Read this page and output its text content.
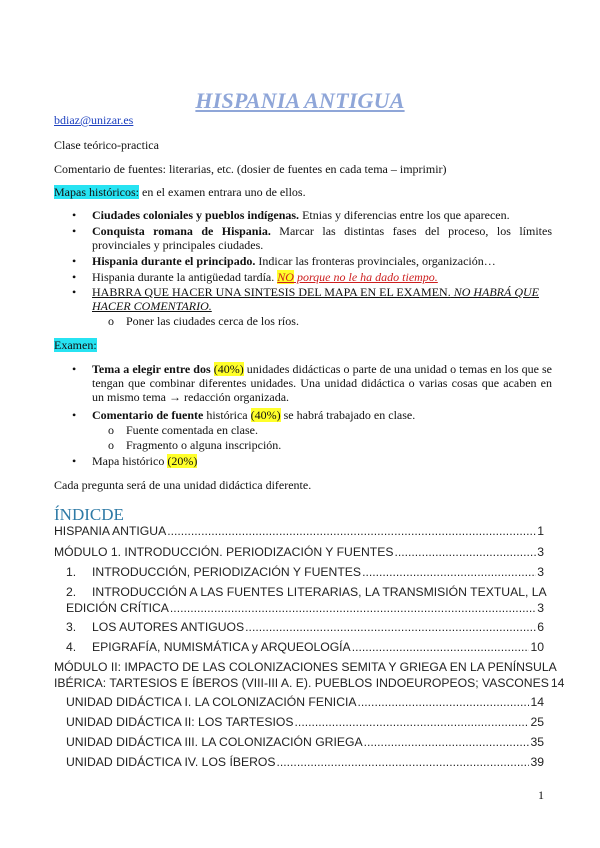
HISPANIA ANTIGUA
bdiaz@unizar.es
Clase teórico-practica
Comentario de fuentes: literarias, etc. (dosier de fuentes en cada tema – imprimir)
Mapas históricos: en el examen entrara uno de ellos.
•	Ciudades coloniales y pueblos indígenas. Etnias y diferencias entre los que aparecen.
•	Conquista romana de Hispania. Marcar las distintas fases del proceso, los límites provinciales y principales ciudades.
•	Hispania durante el principado. Indicar las fronteras provinciales, organización…
•	Hispania durante la antigüedad tardía. NO porque no le ha dado tiempo.
•	HABRRA QUE HACER UNA SINTESIS DEL MAPA EN EL EXAMEN. NO HABRÁ QUE HACER COMENTARIO.
o Poner las ciudades cerca de los ríos.
Examen:
•	Tema a elegir entre dos (40%) unidades didácticas o parte de una unidad o temas en los que se tengan que combinar diferentes unidades. Una unidad didáctica o varias cosas que acaben en un mismo tema → redacción organizada.
•	Comentario de fuente histórica (40%) se habrá trabajado en clase.
o Fuente comentada en clase.
o Fragmento o alguna inscripción.
•	Mapa histórico (20%)
Cada pregunta será de una unidad didáctica diferente.
ÍNDICDE
HISPANIA ANTIGUA .....	1
MÓDULO 1. INTRODUCCIÓN. PERIODIZACIÓN Y FUENTES .....	3
1. INTRODUCCIÓN, PERIODIZACIÓN Y FUENTES .....	3
2. INTRODUCCIÓN A LAS FUENTES LITERARIAS, LA TRANSMISIÓN TEXTUAL, LA
EDICIÓN CRÍTICA .....	3
3. LOS AUTORES ANTIGUOS .....	6
4. EPIGRAFÍA, NUMISMÁTICA y ARQUEOLOGÍA .....	10
MÓDULO II: IMPACTO DE LAS COLONIZACIONES SEMITA Y GRIEGA EN LA PENÍNSULA
IBÉRICA: TARTESIOS E ÍBEROS (VIII-III A. E). PUEBLOS INDOEUROPEOS; VASCONES 14
UNIDAD DIDÁCTICA I. LA COLONIZACIÓN FENICIA .....	14
UNIDAD DIDÁCTICA II: LOS TARTESIOS .....	25
UNIDAD DIDÁCTICA III. LA COLONIZACIÓN GRIEGA .....	35
UNIDAD DIDÁCTICA IV. LOS ÍBEROS .....	39
1
